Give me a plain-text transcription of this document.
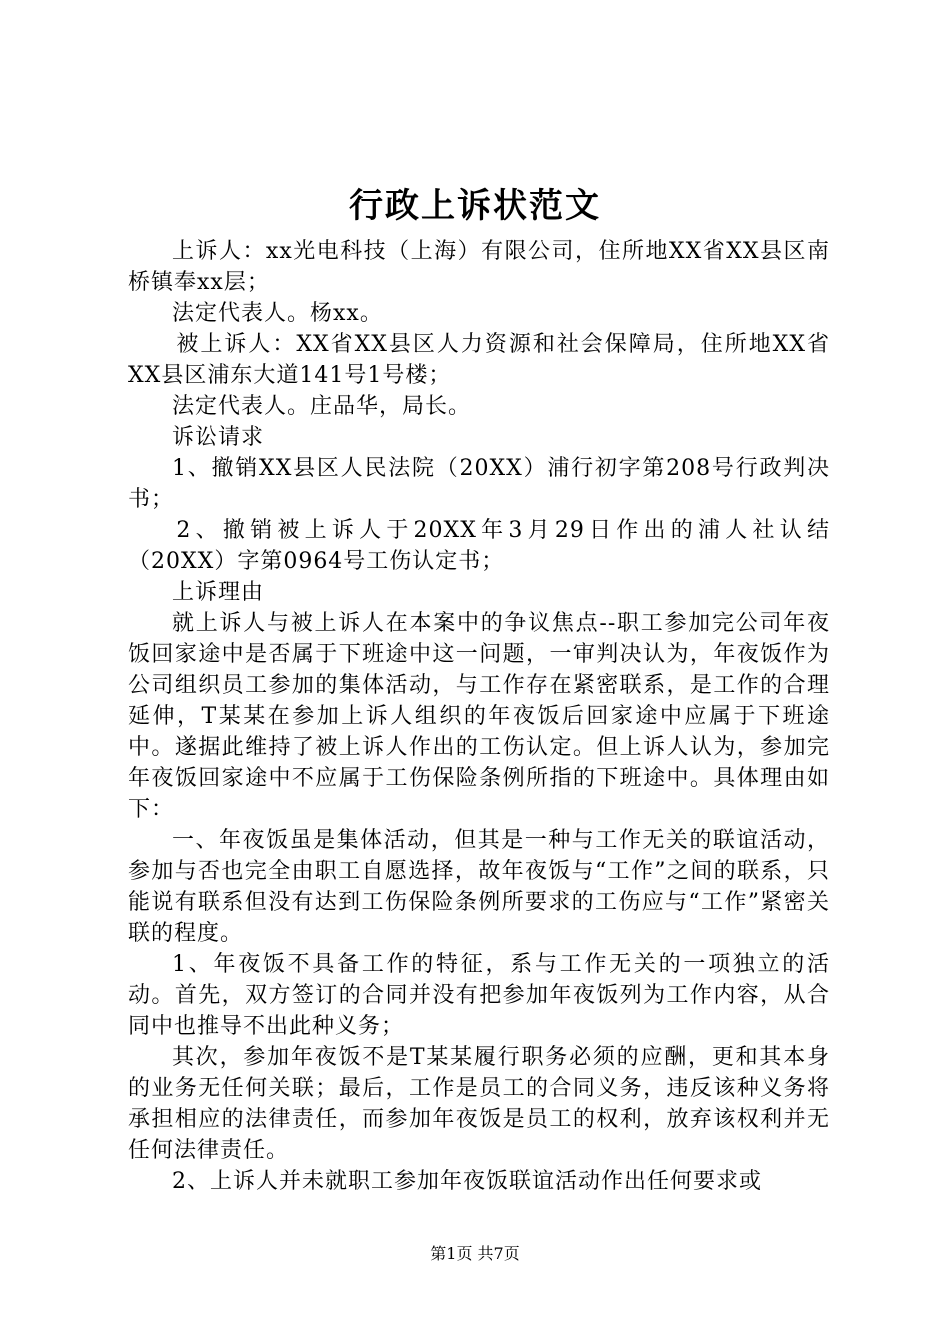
行政上诉状范文

上诉人：xx光电科技（上海）有限公司，住所地XX省XX县区南桥镇奉xx层；

法定代表人。杨xx。

被上诉人：XX省XX县区人力资源和社会保障局，住所地XX省XX县区浦东大道141号1号楼；

法定代表人。庄品华，局长。

诉讼请求

1、撤销XX县区人民法院（20XX）浦行初字第208号行政判决书；

2、撤销被上诉人于20XX年3月29日作出的浦人社认结（20XX）字第0964号工伤认定书；

上诉理由

就上诉人与被上诉人在本案中的争议焦点--职工参加完公司年夜饭回家途中是否属于下班途中这一问题，一审判决认为，年夜饭作为公司组织员工参加的集体活动，与工作存在紧密联系，是工作的合理延伸，T某某在参加上诉人组织的年夜饭后回家途中应属于下班途中。遂据此维持了被上诉人作出的工伤认定。但上诉人认为，参加完年夜饭回家途中不应属于工伤保险条例所指的下班途中。具体理由如下：

一、年夜饭虽是集体活动，但其是一种与工作无关的联谊活动，参加与否也完全由职工自愿选择，故年夜饭与“工作”之间的联系，只能说有联系但没有达到工伤保险条例所要求的工伤应与“工作”紧密关联的程度。

1、年夜饭不具备工作的特征，系与工作无关的一项独立的活动。首先，双方签订的合同并没有把参加年夜饭列为工作内容，从合同中也推导不出此种义务；

其次，参加年夜饭不是T某某履行职务必须的应酬，更和其本身的业务无任何关联；最后，工作是员工的合同义务，违反该种义务将承担相应的法律责任，而参加年夜饭是员工的权利，放弃该权利并无任何法律责任。

2、上诉人并未就职工参加年夜饭联谊活动作出任何要求或

第1页 共7页
